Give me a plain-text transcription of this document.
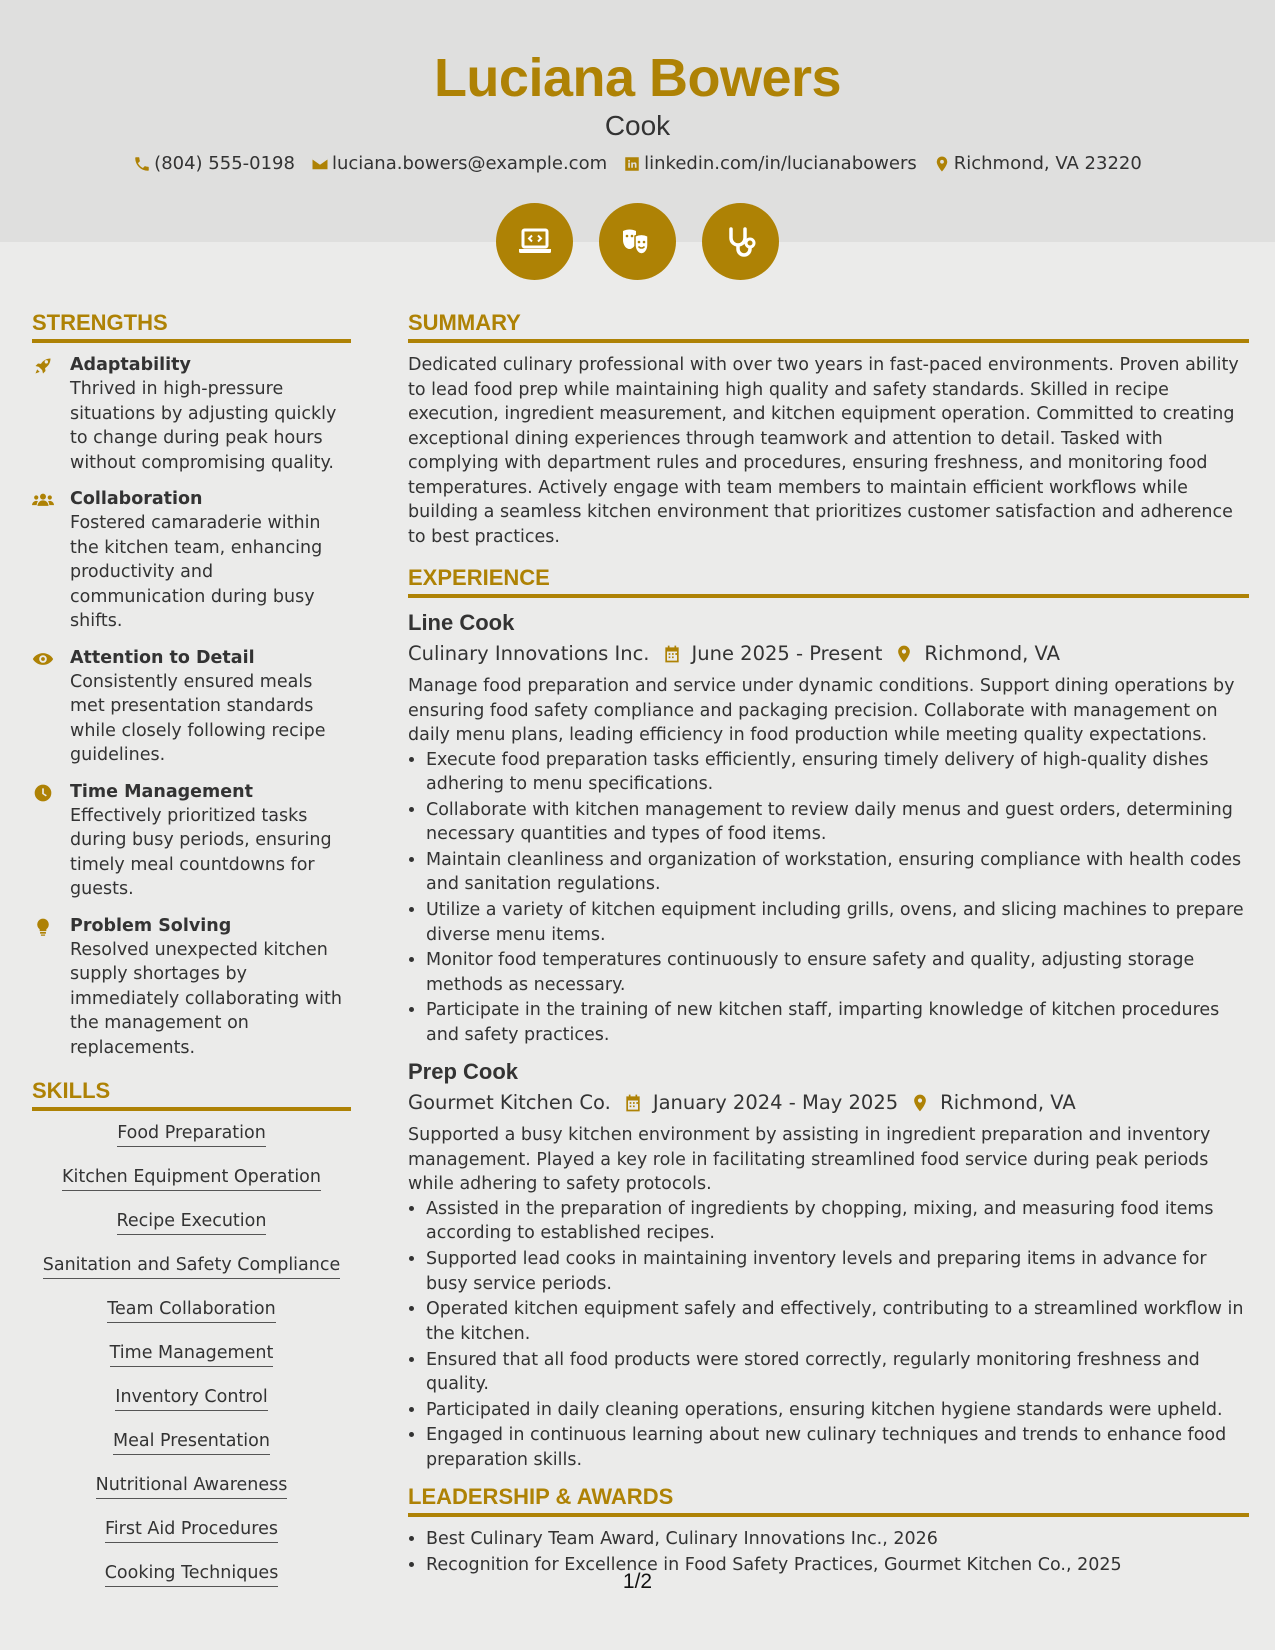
Luciana Bowers
Cook
(804) 555-0198 luciana.bowers@example.com linkedin.com/in/lucianabowers Richmond, VA 23220
STRENGTHS
Adaptability
Thrived in high-pressure situations by adjusting quickly to change during peak hours without compromising quality.
Collaboration
Fostered camaraderie within the kitchen team, enhancing productivity and communication during busy shifts.
Attention to Detail
Consistently ensured meals met presentation standards while closely following recipe guidelines.
Time Management
Effectively prioritized tasks during busy periods, ensuring timely meal countdowns for guests.
Problem Solving
Resolved unexpected kitchen supply shortages by immediately collaborating with the management on replacements.
SKILLS
Food Preparation
Kitchen Equipment Operation
Recipe Execution
Sanitation and Safety Compliance
Team Collaboration
Time Management
Inventory Control
Meal Presentation
Nutritional Awareness
First Aid Procedures
Cooking Techniques
SUMMARY
Dedicated culinary professional with over two years in fast-paced environments. Proven ability to lead food prep while maintaining high quality and safety standards. Skilled in recipe execution, ingredient measurement, and kitchen equipment operation. Committed to creating exceptional dining experiences through teamwork and attention to detail. Tasked with complying with department rules and procedures, ensuring freshness, and monitoring food temperatures. Actively engage with team members to maintain efficient workflows while building a seamless kitchen environment that prioritizes customer satisfaction and adherence to best practices.
EXPERIENCE
Line Cook
Culinary Innovations Inc. June 2025 - Present Richmond, VA
Manage food preparation and service under dynamic conditions. Support dining operations by ensuring food safety compliance and packaging precision. Collaborate with management on daily menu plans, leading efficiency in food production while meeting quality expectations.
• Execute food preparation tasks efficiently, ensuring timely delivery of high-quality dishes adhering to menu specifications.
• Collaborate with kitchen management to review daily menus and guest orders, determining necessary quantities and types of food items.
• Maintain cleanliness and organization of workstation, ensuring compliance with health codes and sanitation regulations.
• Utilize a variety of kitchen equipment including grills, ovens, and slicing machines to prepare diverse menu items.
• Monitor food temperatures continuously to ensure safety and quality, adjusting storage methods as necessary.
• Participate in the training of new kitchen staff, imparting knowledge of kitchen procedures and safety practices.
Prep Cook
Gourmet Kitchen Co. January 2024 - May 2025 Richmond, VA
Supported a busy kitchen environment by assisting in ingredient preparation and inventory management. Played a key role in facilitating streamlined food service during peak periods while adhering to safety protocols.
• Assisted in the preparation of ingredients by chopping, mixing, and measuring food items according to established recipes.
• Supported lead cooks in maintaining inventory levels and preparing items in advance for busy service periods.
• Operated kitchen equipment safely and effectively, contributing to a streamlined workflow in the kitchen.
• Ensured that all food products were stored correctly, regularly monitoring freshness and quality.
• Participated in daily cleaning operations, ensuring kitchen hygiene standards were upheld.
• Engaged in continuous learning about new culinary techniques and trends to enhance food preparation skills.
LEADERSHIP & AWARDS
• Best Culinary Team Award, Culinary Innovations Inc., 2026
• Recognition for Excellence in Food Safety Practices, Gourmet Kitchen Co., 2025
1/2
